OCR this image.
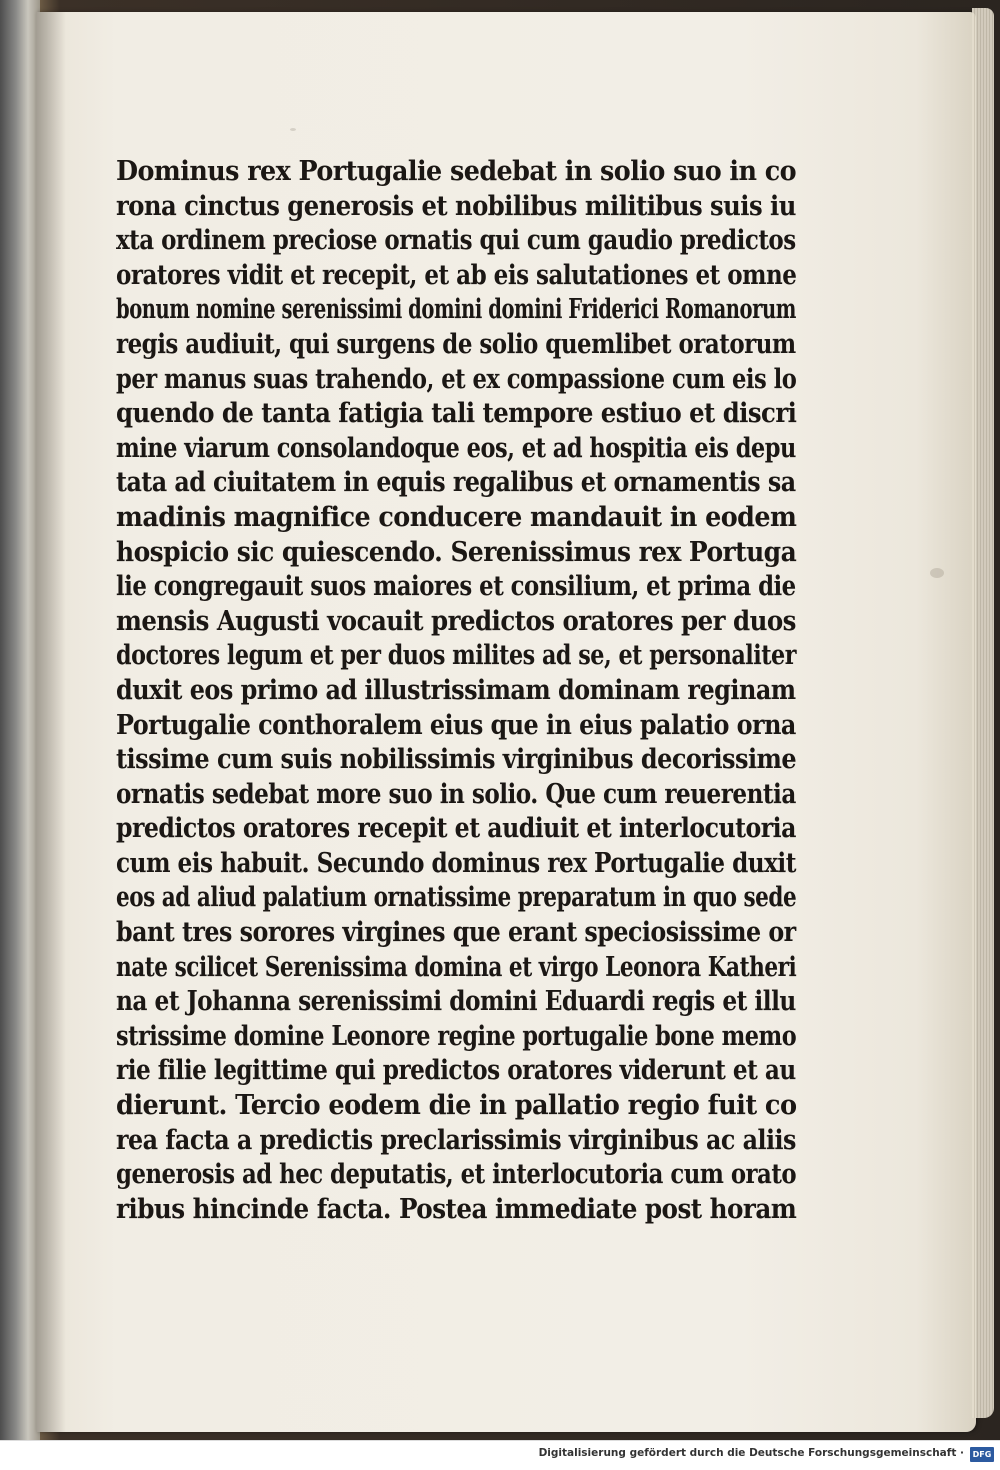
Dominus rex Portugalie sedebat in solio suo in co
rona cinctus generosis et nobilibus militibus suis iu
xta ordinem preciose ornatis qui cum gaudio predictos
oratores vidit et recepit, et ab eis salutationes et omne
bonum nomine serenissimi domini domini Friderici Romanorum
regis audiuit, qui surgens de solio quemlibet oratorum
per manus suas trahendo, et ex compassione cum eis lo
quendo de tanta fatigia tali tempore estiuo et discri
mine viarum consolandoque eos, et ad hospitia eis depu
tata ad ciuitatem in equis regalibus et ornamentis sa
madinis magnifice conducere mandauit in eodem
hospicio sic quiescendo. Serenissimus rex Portuga
lie congregauit suos maiores et consilium, et prima die
mensis Augusti vocauit predictos oratores per duos
doctores legum et per duos milites ad se, et personaliter
duxit eos primo ad illustrissimam dominam reginam
Portugalie conthoralem eius que in eius palatio orna
tissime cum suis nobilissimis virginibus decorissime
ornatis sedebat more suo in solio. Que cum reuerentia
predictos oratores recepit et audiuit et interlocutoria
cum eis habuit. Secundo dominus rex Portugalie duxit
eos ad aliud palatium ornatissime preparatum in quo sede
bant tres sorores virgines que erant speciosissime or
nate scilicet Serenissima domina et virgo Leonora Katheri
na et Johanna serenissimi domini Eduardi regis et illu
strissime domine Leonore regine portugalie bone memo
rie filie legittime qui predictos oratores viderunt et au
dierunt. Tercio eodem die in pallatio regio fuit co
rea facta a predictis preclarissimis virginibus ac aliis
generosis ad hec deputatis, et interlocutoria cum orato
ribus hincinde facta. Postea immediate post horam
Digitalisierung gefördert durch die Deutsche Forschungsgemeinschaft ·	DFG
